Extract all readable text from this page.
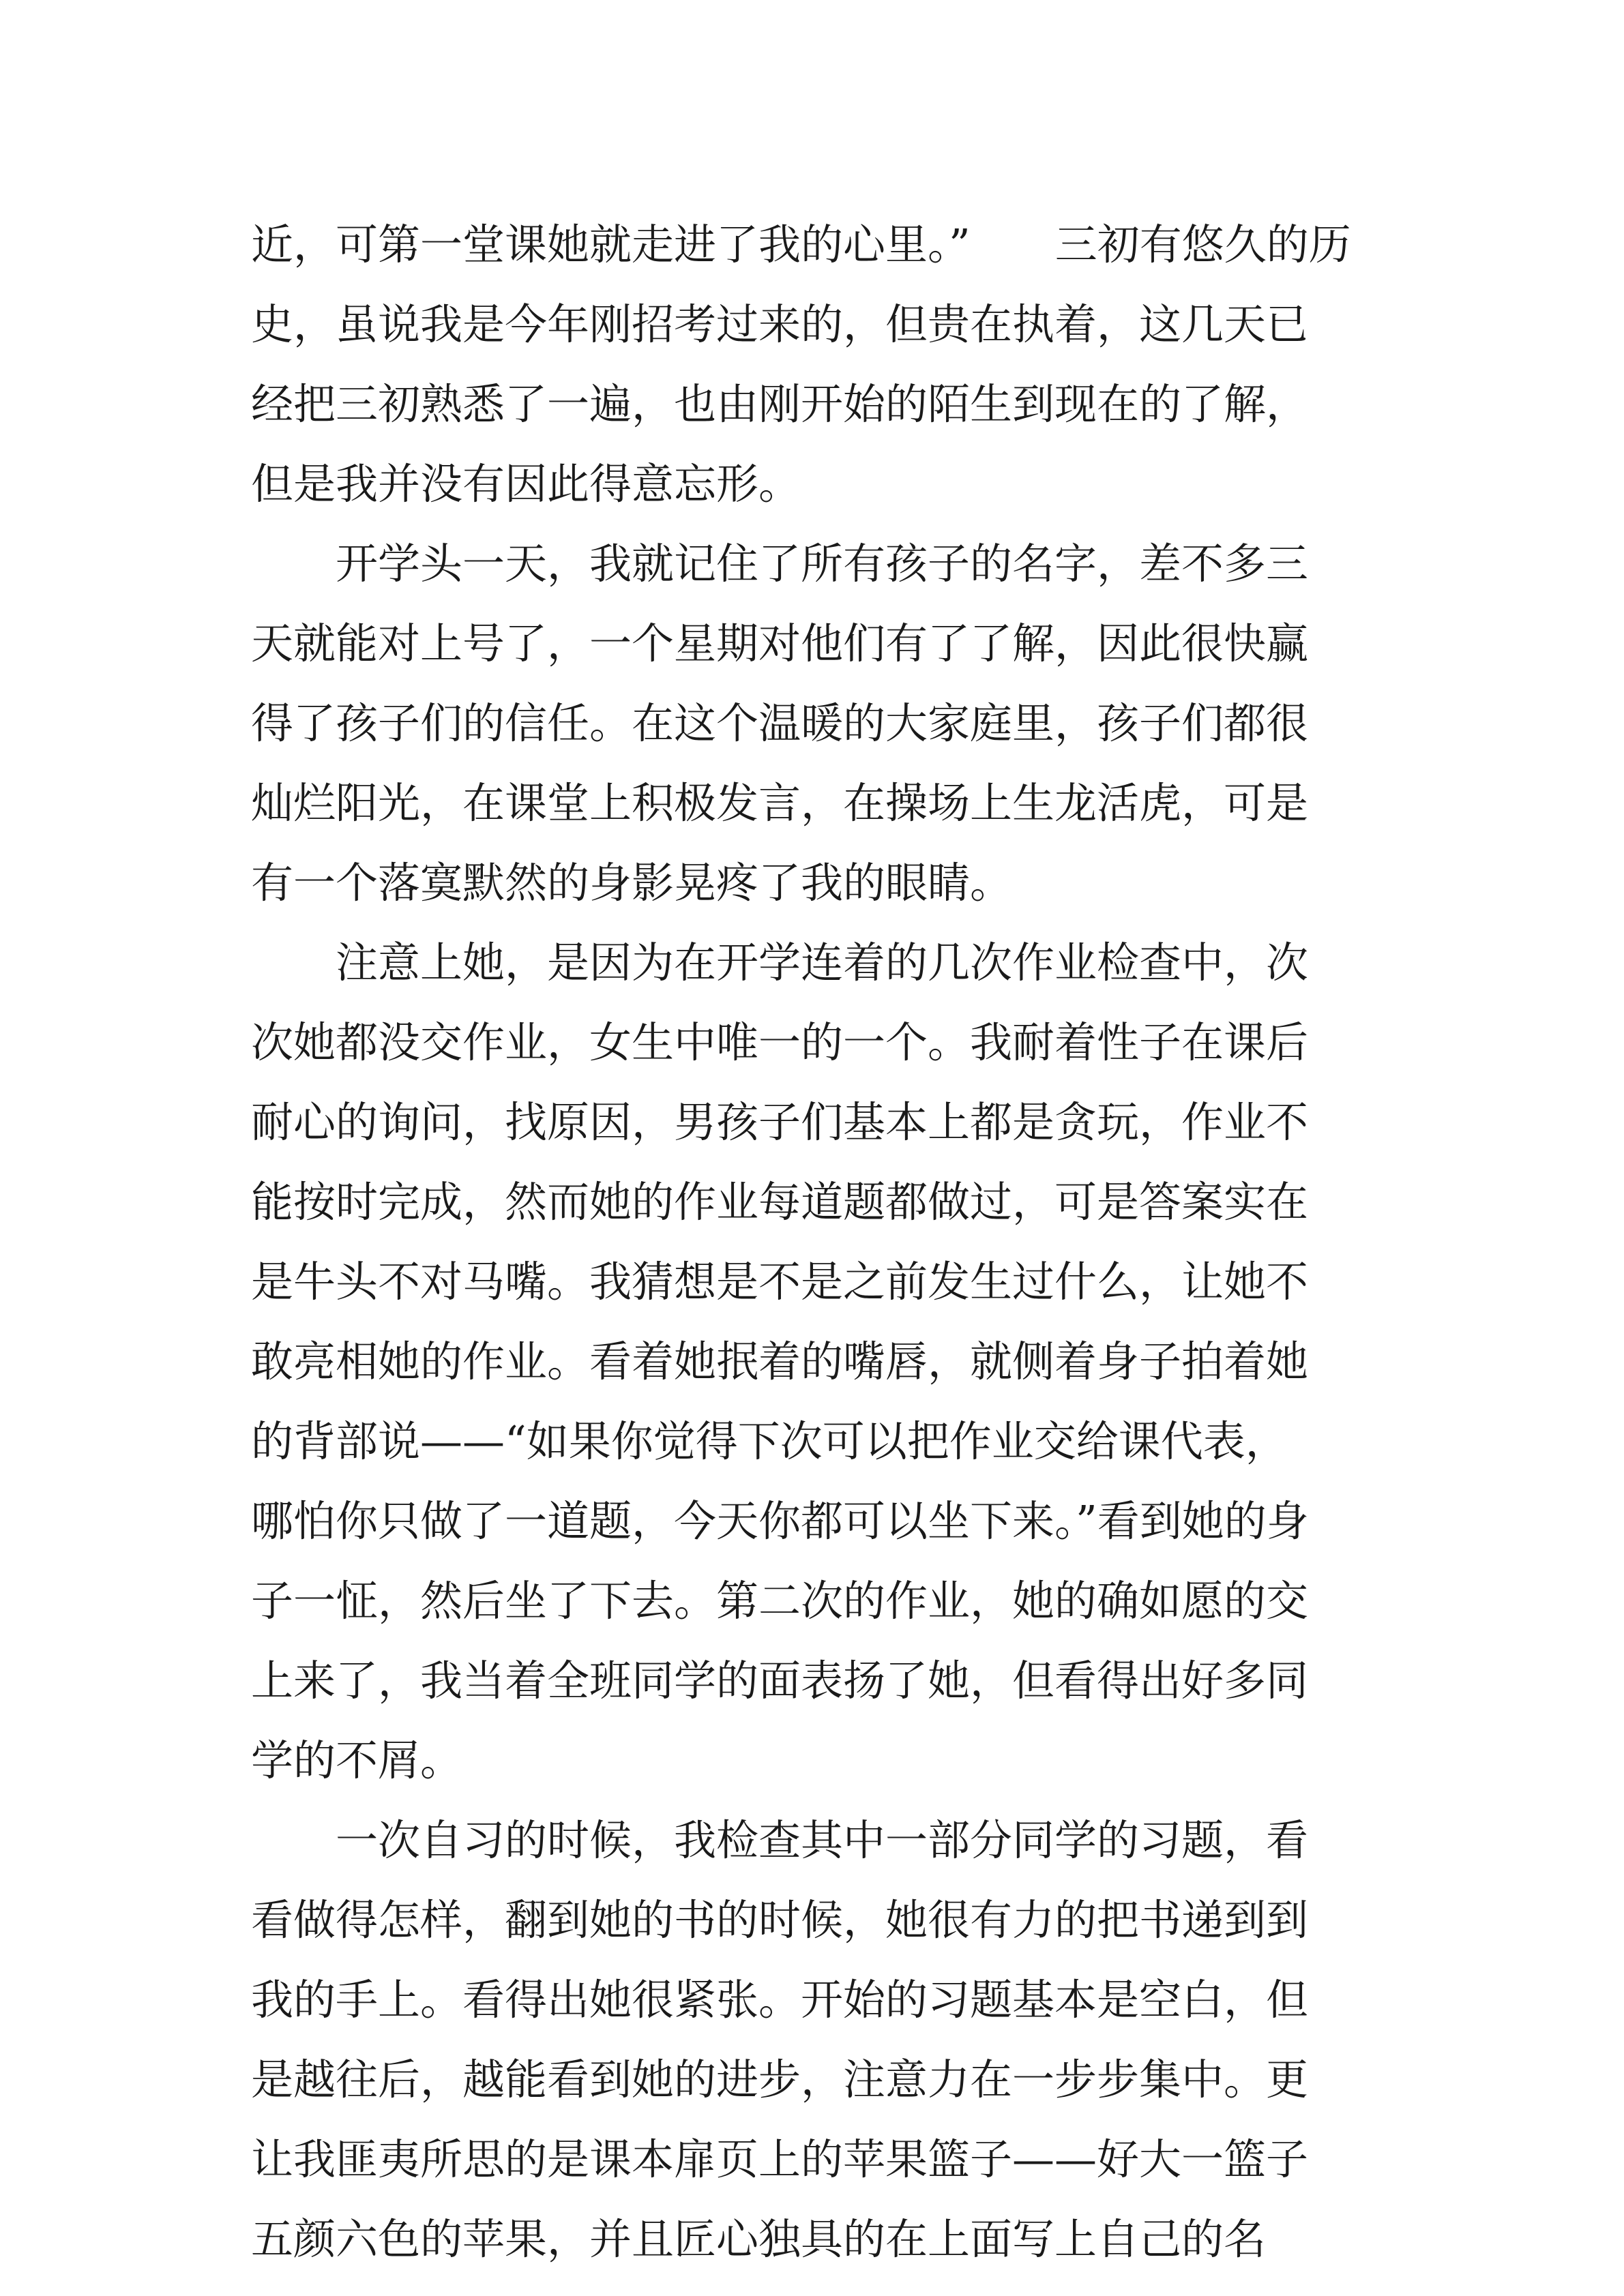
近，可第一堂课她就走进了我的心里。”　　三初有悠久的历
史，虽说我是今年刚招考过来的，但贵在执着，这几天已
经把三初熟悉了一遍，也由刚开始的陌生到现在的了解，
但是我并没有因此得意忘形。
　　开学头一天，我就记住了所有孩子的名字，差不多三
天就能对上号了，一个星期对他们有了了解，因此很快赢
得了孩子们的信任。在这个温暖的大家庭里，孩子们都很
灿烂阳光，在课堂上积极发言，在操场上生龙活虎，可是
有一个落寞默然的身影晃疼了我的眼睛。
　　注意上她，是因为在开学连着的几次作业检查中，次
次她都没交作业，女生中唯一的一个。我耐着性子在课后
耐心的询问，找原因，男孩子们基本上都是贪玩，作业不
能按时完成，然而她的作业每道题都做过，可是答案实在
是牛头不对马嘴。我猜想是不是之前发生过什么，让她不
敢亮相她的作业。看着她抿着的嘴唇，就侧着身子拍着她
的背部说——“如果你觉得下次可以把作业交给课代表，
哪怕你只做了一道题，今天你都可以坐下来。”看到她的身
子一怔，然后坐了下去。第二次的作业，她的确如愿的交
上来了，我当着全班同学的面表扬了她，但看得出好多同
学的不屑。
　　一次自习的时候，我检查其中一部分同学的习题，看
看做得怎样，翻到她的书的时候，她很有力的把书递到到
我的手上。看得出她很紧张。开始的习题基本是空白，但
是越往后，越能看到她的进步，注意力在一步步集中。更
让我匪夷所思的是课本扉页上的苹果篮子——好大一篮子
五颜六色的苹果，并且匠心独具的在上面写上自己的名
